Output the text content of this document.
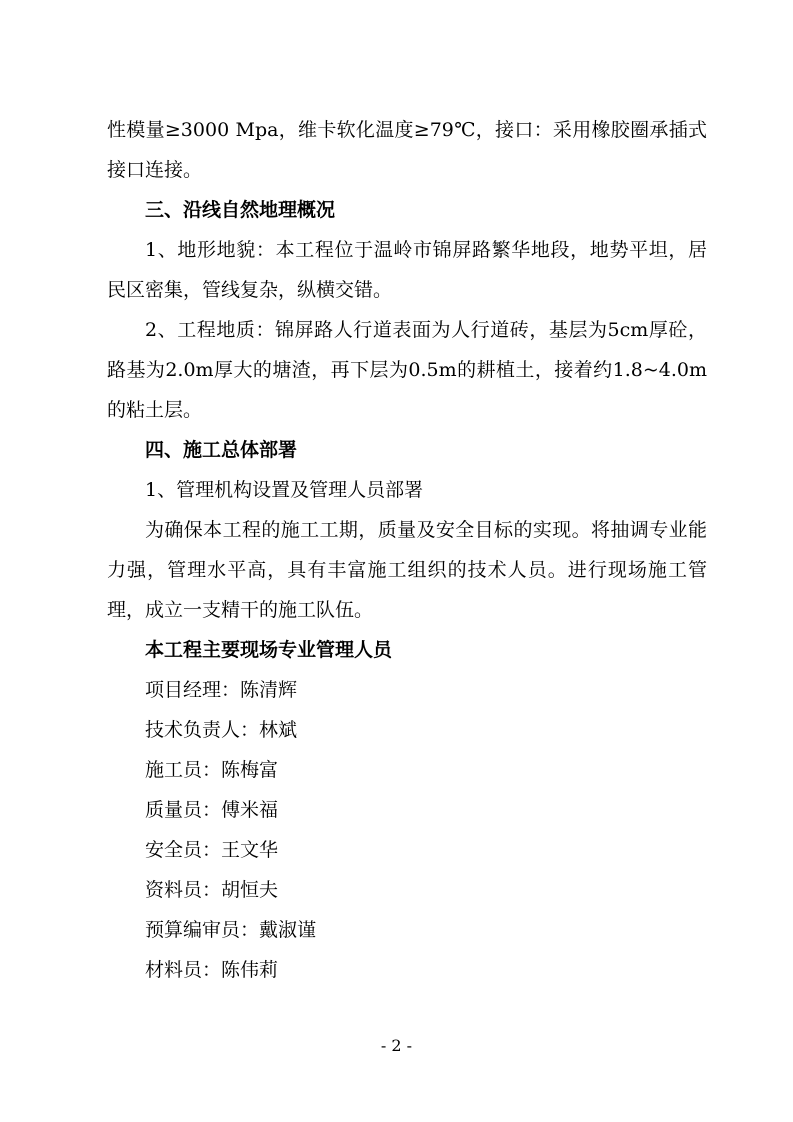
性模量≥3000 Mpa，维卡软化温度≥79℃，接口：采用橡胶圈承插式接口连接。

三、沿线自然地理概况

1、地形地貌：本工程位于温岭市锦屏路繁华地段，地势平坦，居民区密集，管线复杂，纵横交错。

2、工程地质：锦屏路人行道表面为人行道砖，基层为5cm厚砼，路基为2.0m厚大的塘渣，再下层为0.5m的耕植土，接着约1.8~4.0m的粘土层。

四、施工总体部署

1、管理机构设置及管理人员部署

为确保本工程的施工工期，质量及安全目标的实现。将抽调专业能力强，管理水平高，具有丰富施工组织的技术人员。进行现场施工管理，成立一支精干的施工队伍。

本工程主要现场专业管理人员

项目经理：陈清辉

技术负责人：林斌

施工员：陈梅富

质量员：傅米福

安全员：王文华

资料员：胡恒夫

预算编审员：戴淑谨

材料员：陈伟莉

- 2 -
